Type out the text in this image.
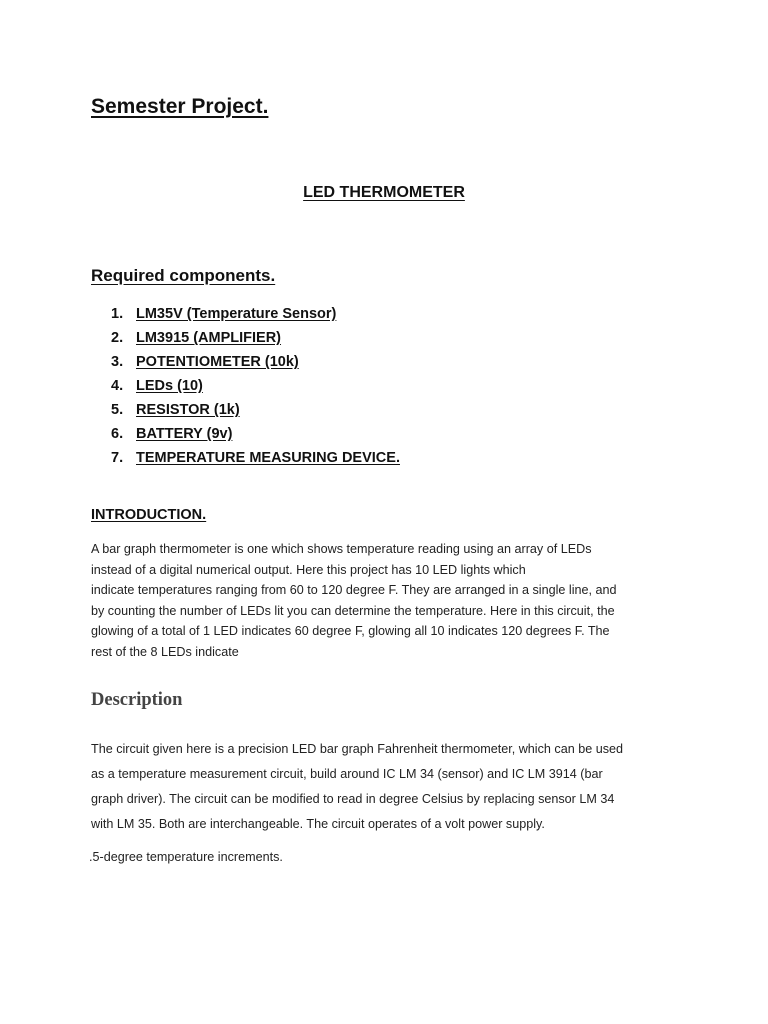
Semester Project.
LED THERMOMETER
Required components.
1. LM35V (Temperature Sensor)
2. LM3915 (AMPLIFIER)
3. POTENTIOMETER (10k)
4. LEDs (10)
5. RESISTOR (1k)
6. BATTERY (9v)
7. TEMPERATURE MEASURING DEVICE.
INTRODUCTION.

A bar graph thermometer is one which shows temperature reading using an array of LEDs
instead of a digital numerical output. Here this project has 10 LED lights which
indicate temperatures ranging from 60 to 120 degree F. They are arranged in a single line, and
by counting the number of LEDs lit you can determine the temperature. Here in this circuit, the
glowing of a total of 1 LED indicates 60 degree F, glowing all 10 indicates 120 degrees F. The
rest of the 8 LEDs indicate

Description

The circuit given here is a precision LED bar graph Fahrenheit thermometer, which can be used
as a temperature measurement circuit, build around IC LM 34 (sensor) and IC LM 3914 (bar
graph driver). The circuit can be modified to read in degree Celsius by replacing sensor LM 34
with LM 35. Both are interchangeable. The circuit operates of a volt power supply.

.5-degree temperature increments.
